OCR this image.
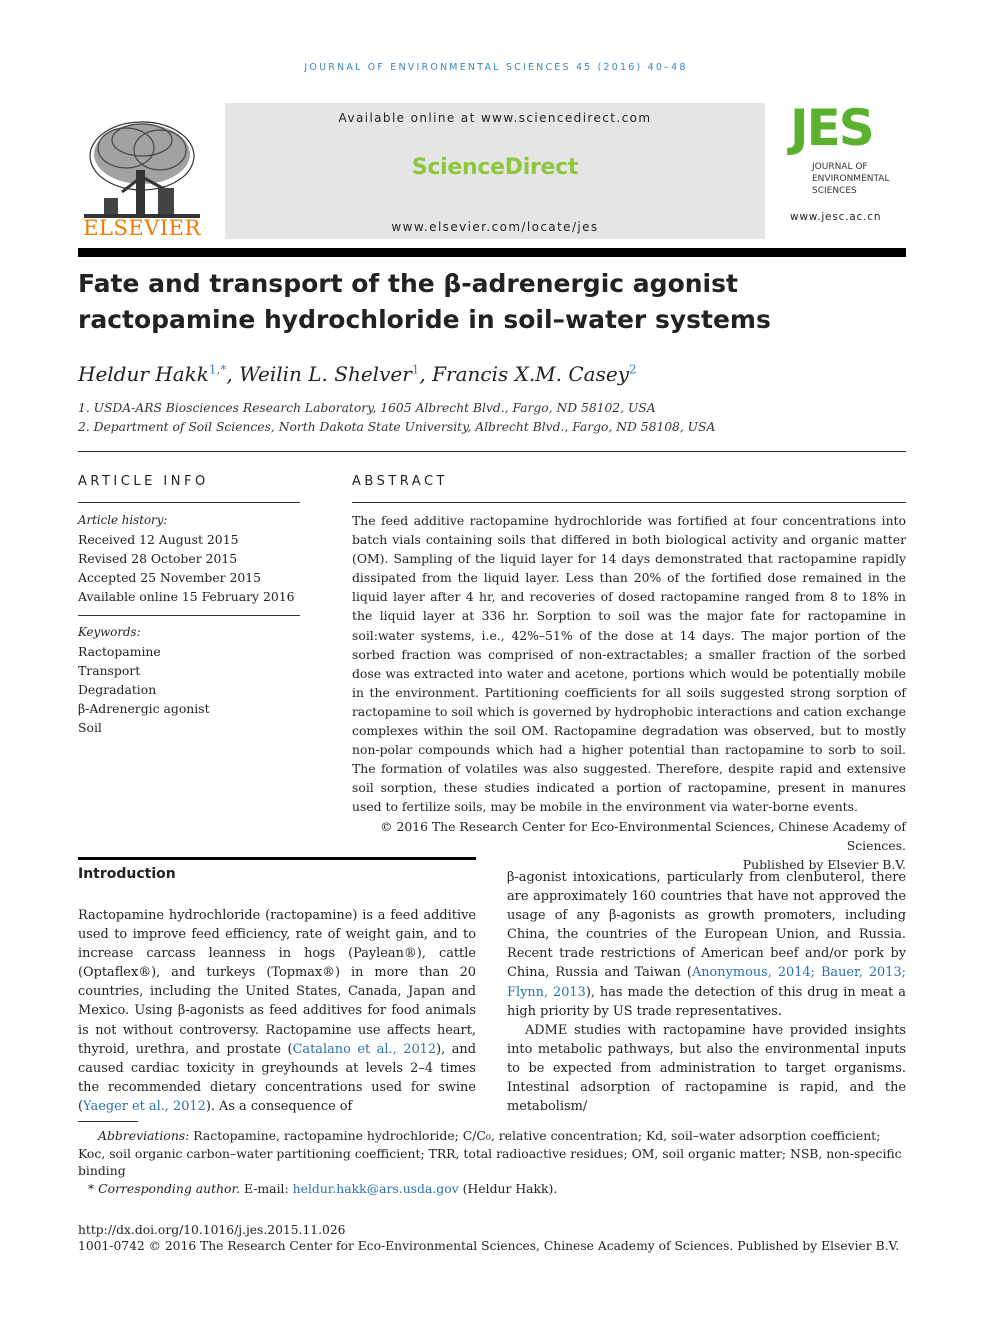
JOURNAL OF ENVIRONMENTAL SCIENCES 45 (2016) 40–48
ELSEVIER
Available online at www.sciencedirect.com
ScienceDirect
www.elsevier.com/locate/jes
JES
JOURNAL OF ENVIRONMENTAL SCIENCES
www.jesc.ac.cn
Fate and transport of the β-adrenergic agonist ractopamine hydrochloride in soil–water systems
Heldur Hakk$^{1,*}$, Weilin L. Shelver$^1$, Francis X.M. Casey$^2$
1. USDA-ARS Biosciences Research Laboratory, 1605 Albrecht Blvd., Fargo, ND 58102, USA
2. Department of Soil Sciences, North Dakota State University, Albrecht Blvd., Fargo, ND 58108, USA
ARTICLE INFO
Article history:
Received 12 August 2015
Revised 28 October 2015
Accepted 25 November 2015
Available online 15 February 2016
Keywords:
Ractopamine
Transport
Degradation
β-Adrenergic agonist
Soil
ABSTRACT

The feed additive ractopamine hydrochloride was fortified at four concentrations into batch vials containing soils that differed in both biological activity and organic matter (OM). Sampling of the liquid layer for 14 days demonstrated that ractopamine rapidly dissipated from the liquid layer. Less than 20% of the fortified dose remained in the liquid layer after 4 hr, and recoveries of dosed ractopamine ranged from 8 to 18% in the liquid layer at 336 hr. Sorption to soil was the major fate for ractopamine in soil:water systems, i.e., 42%–51% of the dose at 14 days. The major portion of the sorbed fraction was comprised of non-extractables; a smaller fraction of the sorbed dose was extracted into water and acetone, portions which would be potentially mobile in the environment. Partitioning coefficients for all soils suggested strong sorption of ractopamine to soil which is governed by hydrophobic interactions and cation exchange complexes within the soil OM. Ractopamine degradation was observed, but to mostly non-polar compounds which had a higher potential than ractopamine to sorb to soil. The formation of volatiles was also suggested. Therefore, despite rapid and extensive soil sorption, these studies indicated a portion of ractopamine, present in manures used to fertilize soils, may be mobile in the environment via water-borne events.

© 2016 The Research Center for Eco-Environmental Sciences, Chinese Academy of Sciences.

Published by Elsevier B.V.

Introduction

Ractopamine hydrochloride (ractopamine) is a feed additive used to improve feed efficiency, rate of weight gain, and to increase carcass leanness in hogs (Paylean®), cattle (Optaflex®), and turkeys (Topmax®) in more than 20 countries, including the United States, Canada, Japan and Mexico. Using β-agonists as feed additives for food animals is not without controversy. Ractopamine use affects heart, thyroid, urethra, and prostate (Catalano et al., 2012), and caused cardiac toxicity in greyhounds at levels 2–4 times the recommended dietary concentrations used for swine (Yaeger et al., 2012). As a consequence of

β-agonist intoxications, particularly from clenbuterol, there are approximately 160 countries that have not approved the usage of any β-agonists as growth promoters, including China, the countries of the European Union, and Russia. Recent trade restrictions of American beef and/or pork by China, Russia and Taiwan (Anonymous, 2014; Bauer, 2013; Flynn, 2013), has made the detection of this drug in meat a high priority by US trade representatives.

ADME studies with ractopamine have provided insights into metabolic pathways, but also the environmental inputs to be expected from administration to target organisms. Intestinal adsorption of ractopamine is rapid, and the metabolism/

Abbreviations: Ractopamine, ractopamine hydrochloride; C/C₀, relative concentration; Kd, soil–water adsorption coefficient; Koc, soil organic carbon–water partitioning coefficient; TRR, total radioactive residues; OM, soil organic matter; NSB, non-specific binding
* Corresponding author. E-mail: heldur.hakk@ars.usda.gov (Heldur Hakk).
http://dx.doi.org/10.1016/j.jes.2015.11.026
1001-0742 © 2016 The Research Center for Eco-Environmental Sciences, Chinese Academy of Sciences. Published by Elsevier B.V.
